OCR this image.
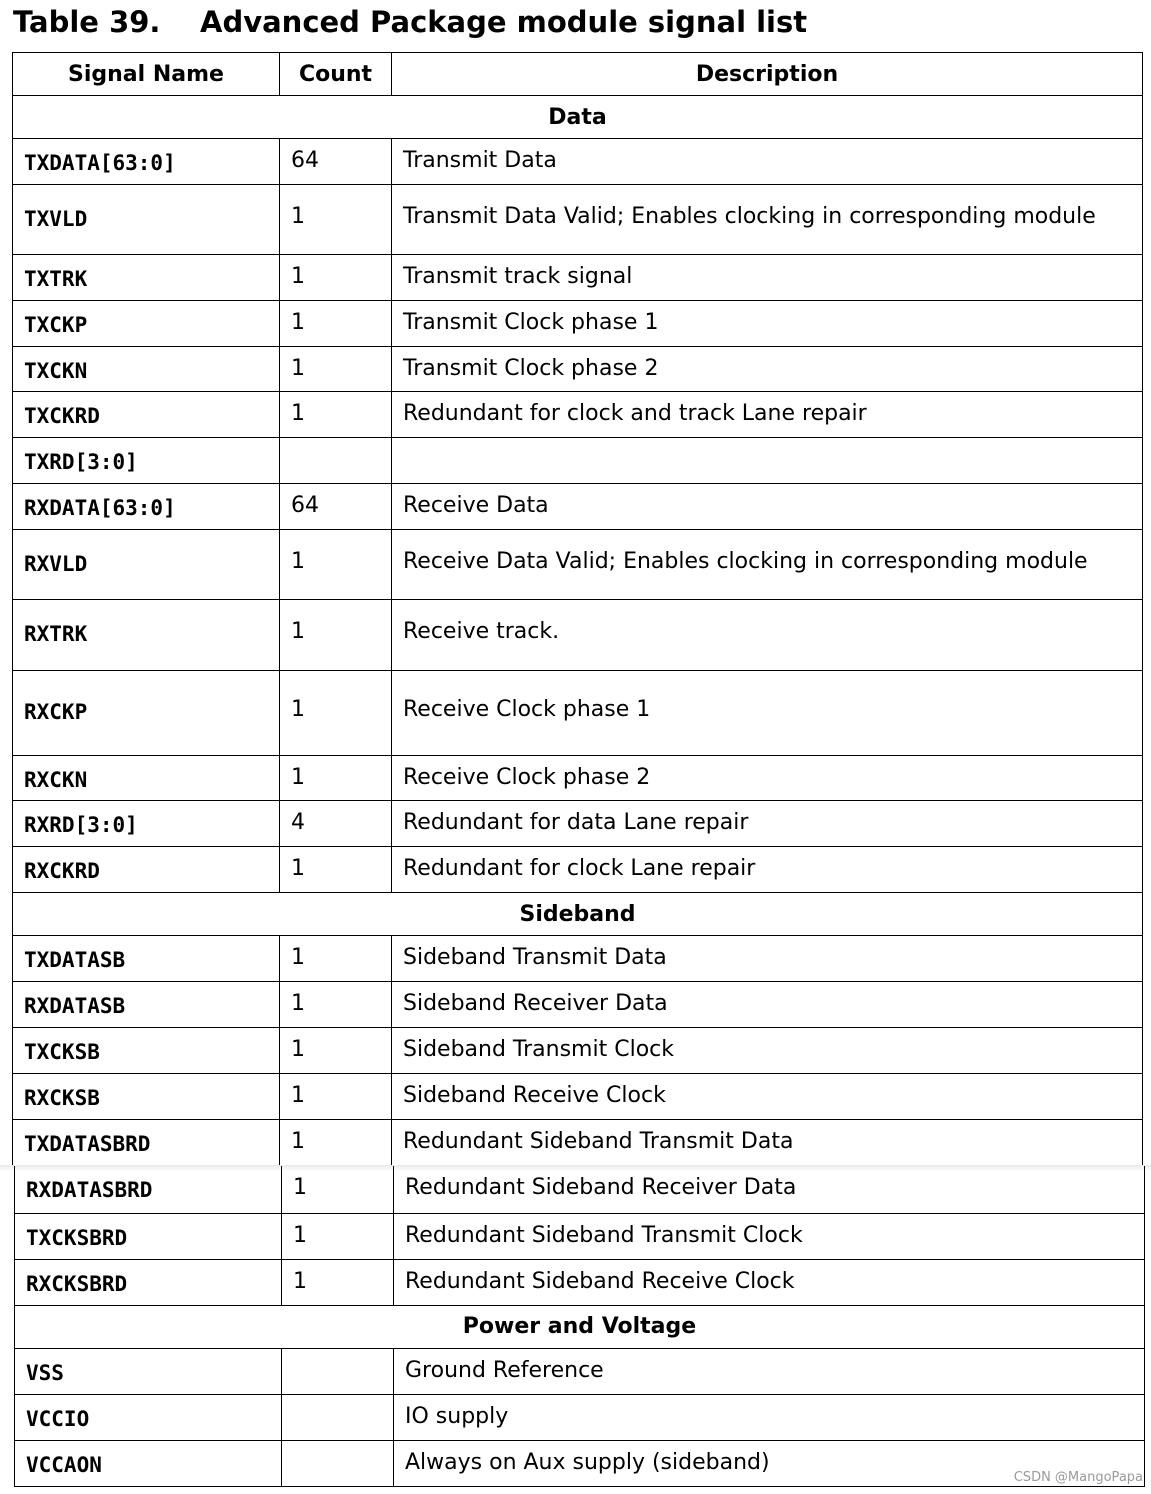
Table 39. Advanced Package module signal list
Signal Name	Count	Description
Data		
TXDATA[63:0]	64	Transmit Data
TXVLD	1	Transmit Data Valid; Enables clocking in corresponding module
TXTRK	1	Transmit track signal
TXCKP	1	Transmit Clock phase 1
TXCKN	1	Transmit Clock phase 2
TXCKRD	1	Redundant for clock and track Lane repair
TXRD[3:0]		
RXDATA[63:0]	64	Receive Data
RXVLD	1	Receive Data Valid; Enables clocking in corresponding module
RXTRK	1	Receive track.
RXCKP	1	Receive Clock phase 1
RXCKN	1	Receive Clock phase 2
RXRD[3:0]	4	Redundant for data Lane repair
RXCKRD	1	Redundant for clock Lane repair
Sideband		
TXDATASB	1	Sideband Transmit Data
RXDATASB	1	Sideband Receiver Data
TXCKSB	1	Sideband Transmit Clock
RXCKSB	1	Sideband Receive Clock
TXDATASBRD	1	Redundant Sideband Transmit Data
RXDATASBRD	1	Redundant Sideband Receiver Data
TXCKSBRD	1	Redundant Sideband Transmit Clock
RXCKSBRD	1	Redundant Sideband Receive Clock
Power and Voltage		
VSS		Ground Reference
VCCIO		IO supply
VCCAON		Always on Aux supply (sideband)
CSDN @MangoPapa
